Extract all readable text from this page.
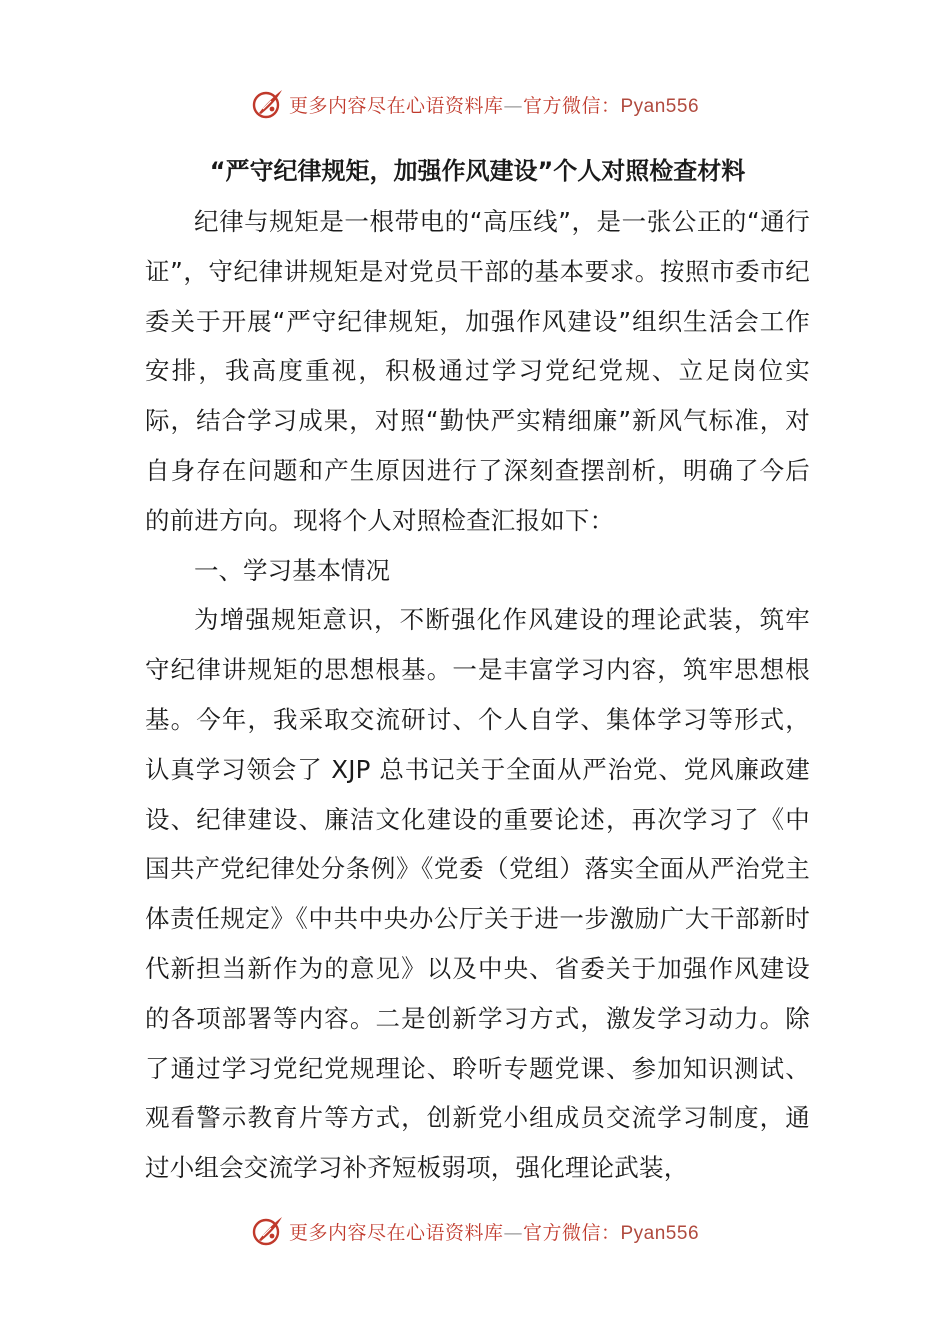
更多内容尽在心语资料库—官方微信：Pyan556
“严守纪律规矩，加强作风建设”个人对照检查材料

纪律与规矩是一根带电的“高压线”，是一张公正的“通行证”，守纪律讲规矩是对党员干部的基本要求。按照市委市纪委关于开展“严守纪律规矩，加强作风建设”组织生活会工作安排，我高度重视，积极通过学习党纪党规、立足岗位实际，结合学习成果，对照“勤快严实精细廉”新风气标准，对自身存在问题和产生原因进行了深刻查摆剖析，明确了今后的前进方向。现将个人对照检查汇报如下：

一、学习基本情况

为增强规矩意识，不断强化作风建设的理论武装，筑牢守纪律讲规矩的思想根基。一是丰富学习内容，筑牢思想根基。今年，我采取交流研讨、个人自学、集体学习等形式，认真学习领会了 XJP 总书记关于全面从严治党、党风廉政建设、纪律建设、廉洁文化建设的重要论述，再次学习了《中国共产党纪律处分条例》《党委（党组）落实全面从严治党主体责任规定》《中共中央办公厅关于进一步激励广大干部新时代新担当新作为的意见》以及中央、省委关于加强作风建设的各项部署等内容。二是创新学习方式，激发学习动力。除了通过学习党纪党规理论、聆听专题党课、参加知识测试、观看警示教育片等方式，创新党小组成员交流学习制度，通过小组会交流学习补齐短板弱项，强化理论武装，

更多内容尽在心语资料库—官方微信：Pyan556
